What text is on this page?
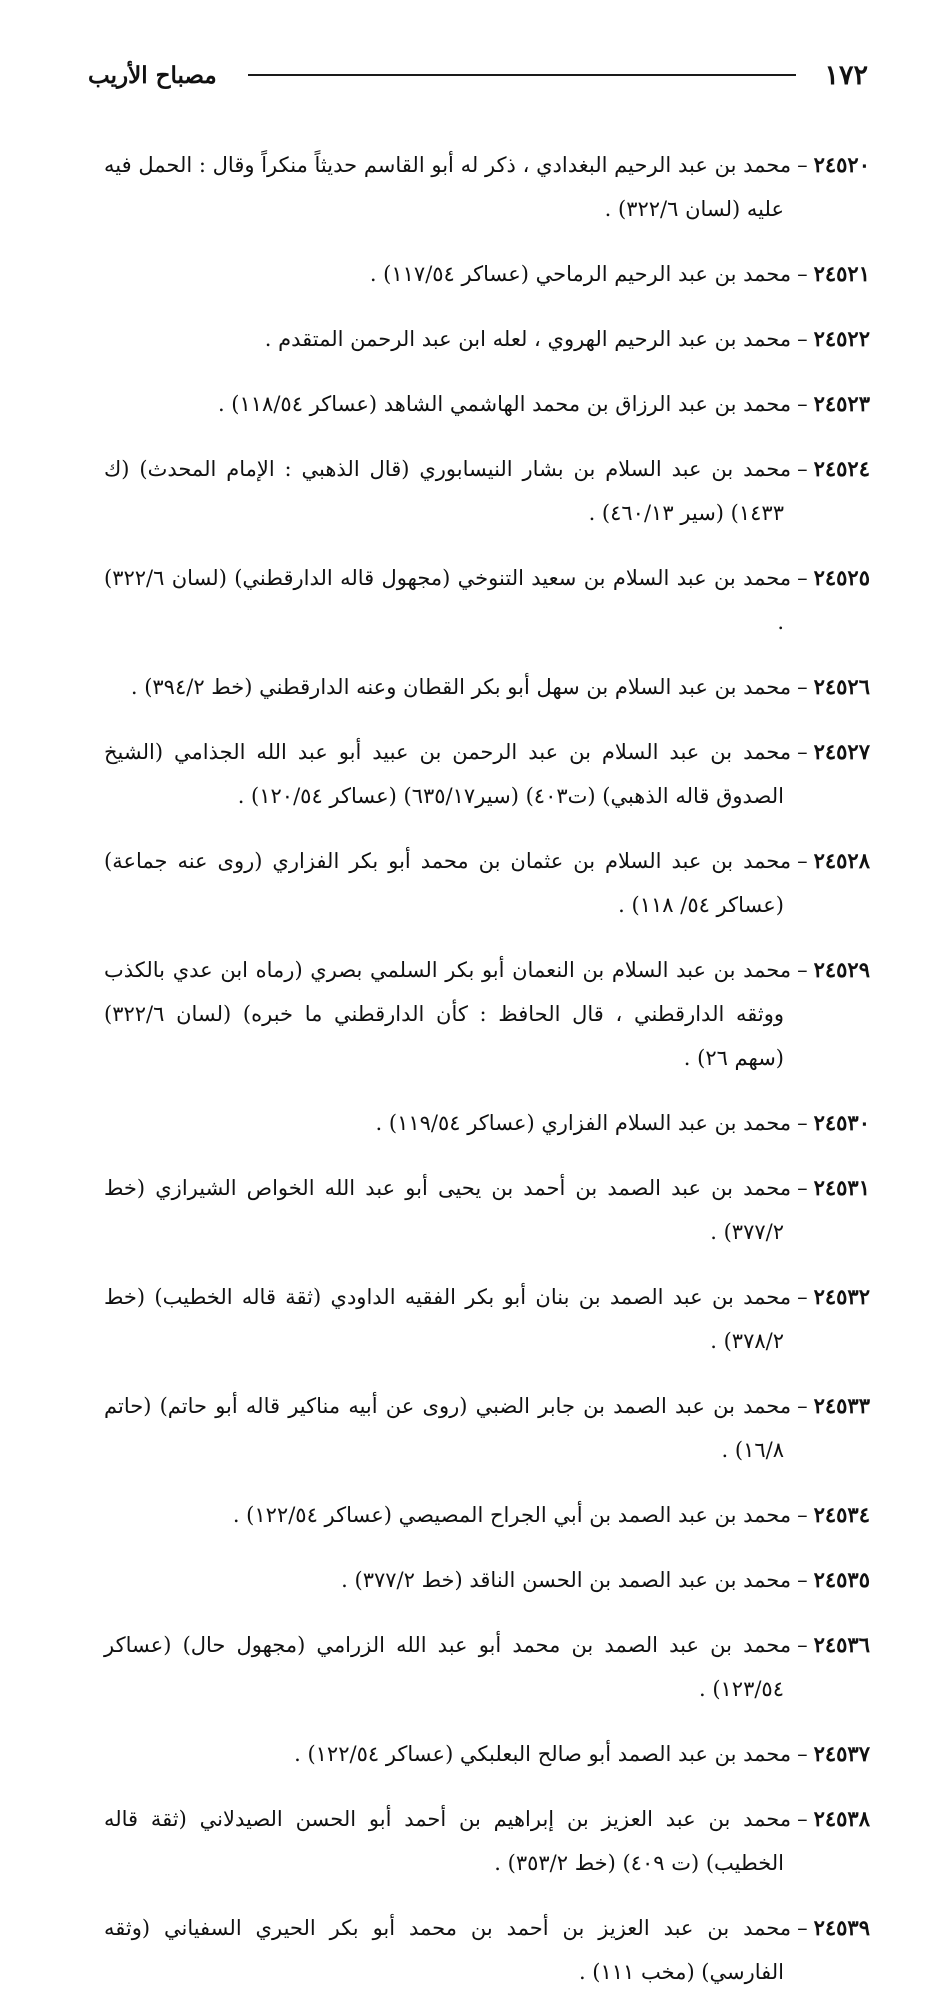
١٧٢
مصباح الأريب

٢٤٥٢٠–محمد بن عبد الرحيم البغدادي ، ذكر له أبو القاسم حديثاً منكراً وقال : الحمل فيه عليه (لسان ٣٢٢/٦) .

٢٤٥٢١–محمد بن عبد الرحيم الرماحي (عساكر ١١٧/٥٤) .

٢٤٥٢٢–محمد بن عبد الرحيم الهروي ، لعله ابن عبد الرحمن المتقدم .

٢٤٥٢٣–محمد بن عبد الرزاق بن محمد الهاشمي الشاهد (عساكر ١١٨/٥٤) .

٢٤٥٢٤–محمد بن عبد السلام بن بشار النيسابوري (قال الذهبي : الإمام المحدث) (ك ١٤٣٣) (سير ٤٦٠/١٣) .

٢٤٥٢٥–محمد بن عبد السلام بن سعيد التنوخي (مجهول قاله الدارقطني) (لسان ٣٢٢/٦) .

٢٤٥٢٦–محمد بن عبد السلام بن سهل أبو بكر القطان وعنه الدارقطني (خط ٣٩٤/٢) .

٢٤٥٢٧–محمد بن عبد السلام بن عبد الرحمن بن عبيد أبو عبد الله الجذامي (الشيخ الصدوق قاله الذهبي) (ت٤٠٣) (سير٦٣٥/١٧) (عساكر ١٢٠/٥٤) .

٢٤٥٢٨–محمد بن عبد السلام بن عثمان بن محمد أبو بكر الفزاري (روى عنه جماعة) (عساكر ٥٤/ ١١٨) .

٢٤٥٢٩–محمد بن عبد السلام بن النعمان أبو بكر السلمي بصري (رماه ابن عدي بالكذب ووثقه الدارقطني ، قال الحافظ : كأن الدارقطني ما خبره) (لسان ٣٢٢/٦) (سهم ٢٦) .

٢٤٥٣٠–محمد بن عبد السلام الفزاري (عساكر ١١٩/٥٤) .

٢٤٥٣١–محمد بن عبد الصمد بن أحمد بن يحيى أبو عبد الله الخواص الشيرازي (خط ٣٧٧/٢) .

٢٤٥٣٢–محمد بن عبد الصمد بن بنان أبو بكر الفقيه الداودي (ثقة قاله الخطيب) (خط ٣٧٨/٢) .

٢٤٥٣٣–محمد بن عبد الصمد بن جابر الضبي (روى عن أبيه مناكير قاله أبو حاتم) (حاتم ١٦/٨) .

٢٤٥٣٤–محمد بن عبد الصمد بن أبي الجراح المصيصي (عساكر ١٢٢/٥٤) .

٢٤٥٣٥–محمد بن عبد الصمد بن الحسن الناقد (خط ٣٧٧/٢) .

٢٤٥٣٦–محمد بن عبد الصمد بن محمد أبو عبد الله الزرامي (مجهول حال) (عساكر ١٢٣/٥٤) .

٢٤٥٣٧–محمد بن عبد الصمد أبو صالح البعلبكي (عساكر ١٢٢/٥٤) .

٢٤٥٣٨–محمد بن عبد العزيز بن إبراهيم بن أحمد أبو الحسن الصيدلاني (ثقة قاله الخطيب) (ت ٤٠٩) (خط ٣٥٣/٢) .

٢٤٥٣٩–محمد بن عبد العزيز بن أحمد بن محمد أبو بكر الحيري السفياني (وثقه الفارسي) (مخب ١١١) .
